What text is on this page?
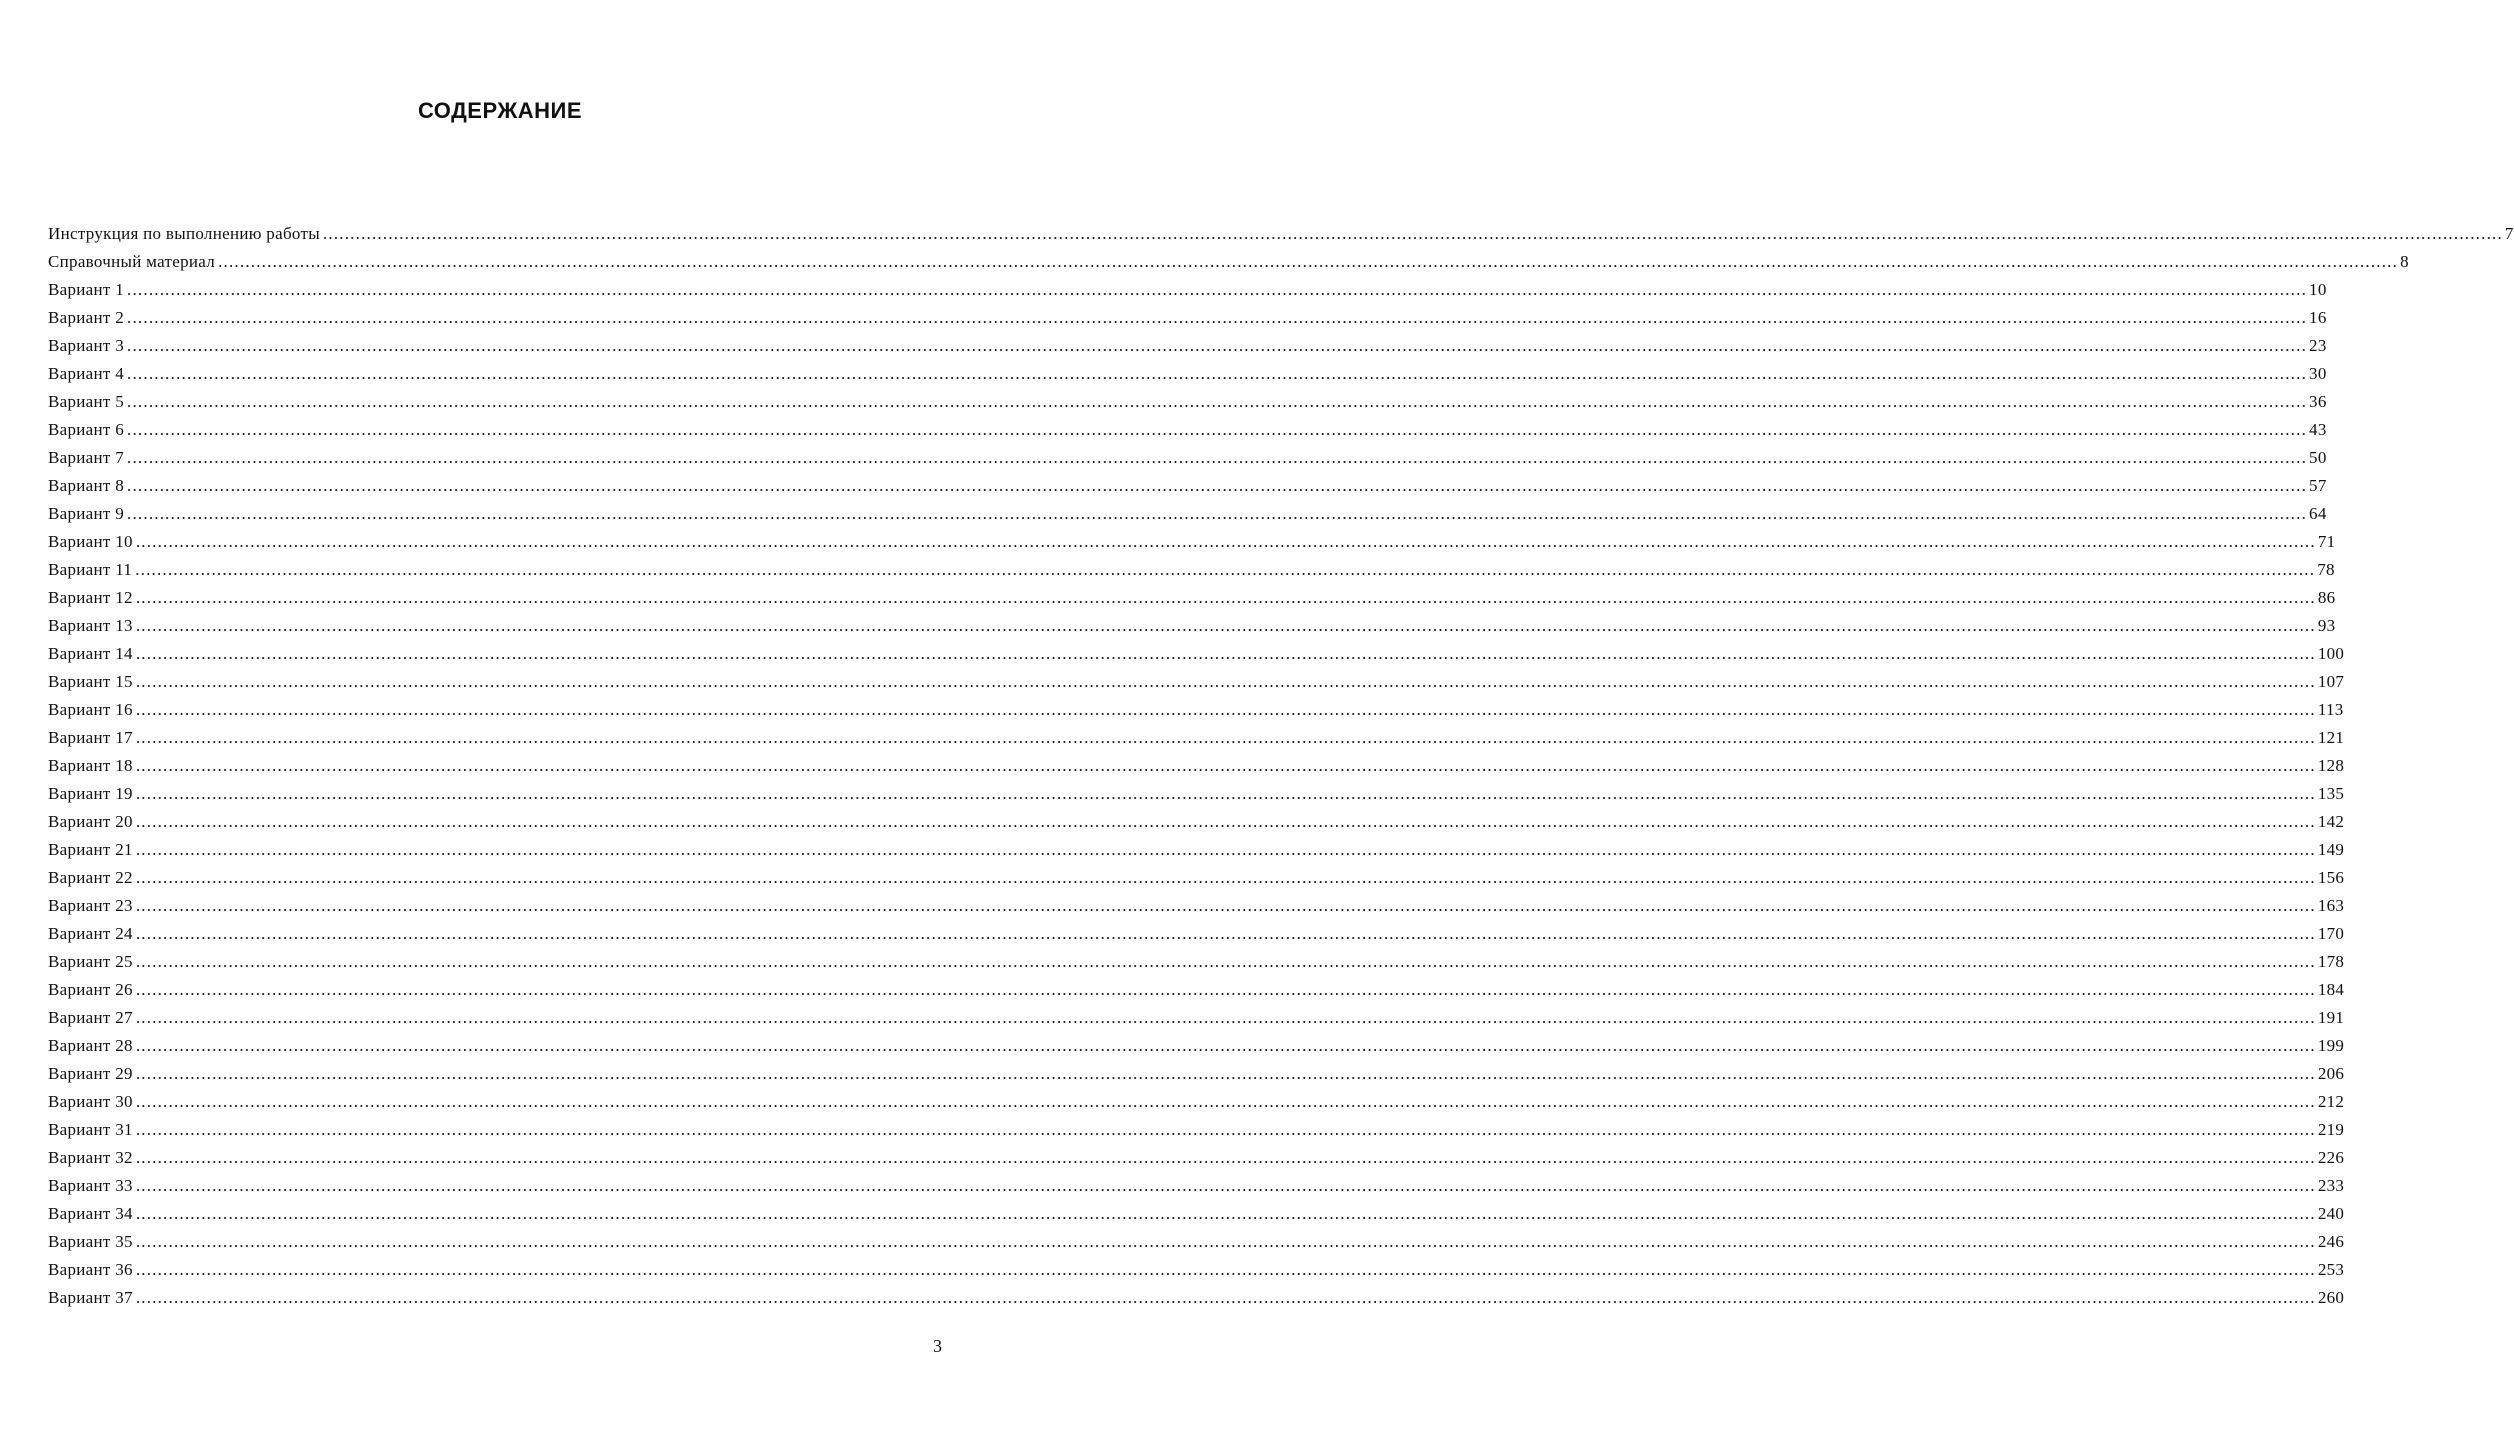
СОДЕРЖАНИЕ
Инструкция по выполнению работы ................................................................................................................................................................................................................................................................................................................................................................................................................ 7
Справочный материал ................................................................................................................................................................................................................................................................................................................................................................................................................ 8
Вариант 1 ................................................................................................................................................................................................................................................................................................................................................................................................................ 10
Вариант 2 ................................................................................................................................................................................................................................................................................................................................................................................................................ 16
Вариант 3 ................................................................................................................................................................................................................................................................................................................................................................................................................ 23
Вариант 4 ................................................................................................................................................................................................................................................................................................................................................................................................................ 30
Вариант 5 ................................................................................................................................................................................................................................................................................................................................................................................................................ 36
Вариант 6 ................................................................................................................................................................................................................................................................................................................................................................................................................ 43
Вариант 7 ................................................................................................................................................................................................................................................................................................................................................................................................................ 50
Вариант 8 ................................................................................................................................................................................................................................................................................................................................................................................................................ 57
Вариант 9 ................................................................................................................................................................................................................................................................................................................................................................................................................ 64
Вариант 10 ................................................................................................................................................................................................................................................................................................................................................................................................................ 71
Вариант 11 ................................................................................................................................................................................................................................................................................................................................................................................................................ 78
Вариант 12 ................................................................................................................................................................................................................................................................................................................................................................................................................ 86
Вариант 13 ................................................................................................................................................................................................................................................................................................................................................................................................................ 93
Вариант 14 ................................................................................................................................................................................................................................................................................................................................................................................................................ 100
Вариант 15 ................................................................................................................................................................................................................................................................................................................................................................................................................ 107
Вариант 16 ................................................................................................................................................................................................................................................................................................................................................................................................................ 113
Вариант 17 ................................................................................................................................................................................................................................................................................................................................................................................................................ 121
Вариант 18 ................................................................................................................................................................................................................................................................................................................................................................................................................ 128
Вариант 19 ................................................................................................................................................................................................................................................................................................................................................................................................................ 135
Вариант 20 ................................................................................................................................................................................................................................................................................................................................................................................................................ 142
Вариант 21 ................................................................................................................................................................................................................................................................................................................................................................................................................ 149
Вариант 22 ................................................................................................................................................................................................................................................................................................................................................................................................................ 156
Вариант 23 ................................................................................................................................................................................................................................................................................................................................................................................................................ 163
Вариант 24 ................................................................................................................................................................................................................................................................................................................................................................................................................ 170
Вариант 25 ................................................................................................................................................................................................................................................................................................................................................................................................................ 178
Вариант 26 ................................................................................................................................................................................................................................................................................................................................................................................................................ 184
Вариант 27 ................................................................................................................................................................................................................................................................................................................................................................................................................ 191
Вариант 28 ................................................................................................................................................................................................................................................................................................................................................................................................................ 199
Вариант 29 ................................................................................................................................................................................................................................................................................................................................................................................................................ 206
Вариант 30 ................................................................................................................................................................................................................................................................................................................................................................................................................ 212
Вариант 31 ................................................................................................................................................................................................................................................................................................................................................................................................................ 219
Вариант 32 ................................................................................................................................................................................................................................................................................................................................................................................................................ 226
Вариант 33 ................................................................................................................................................................................................................................................................................................................................................................................................................ 233
Вариант 34 ................................................................................................................................................................................................................................................................................................................................................................................................................ 240
Вариант 35 ................................................................................................................................................................................................................................................................................................................................................................................................................ 246
Вариант 36 ................................................................................................................................................................................................................................................................................................................................................................................................................ 253
Вариант 37 ................................................................................................................................................................................................................................................................................................................................................................................................................ 260
3
